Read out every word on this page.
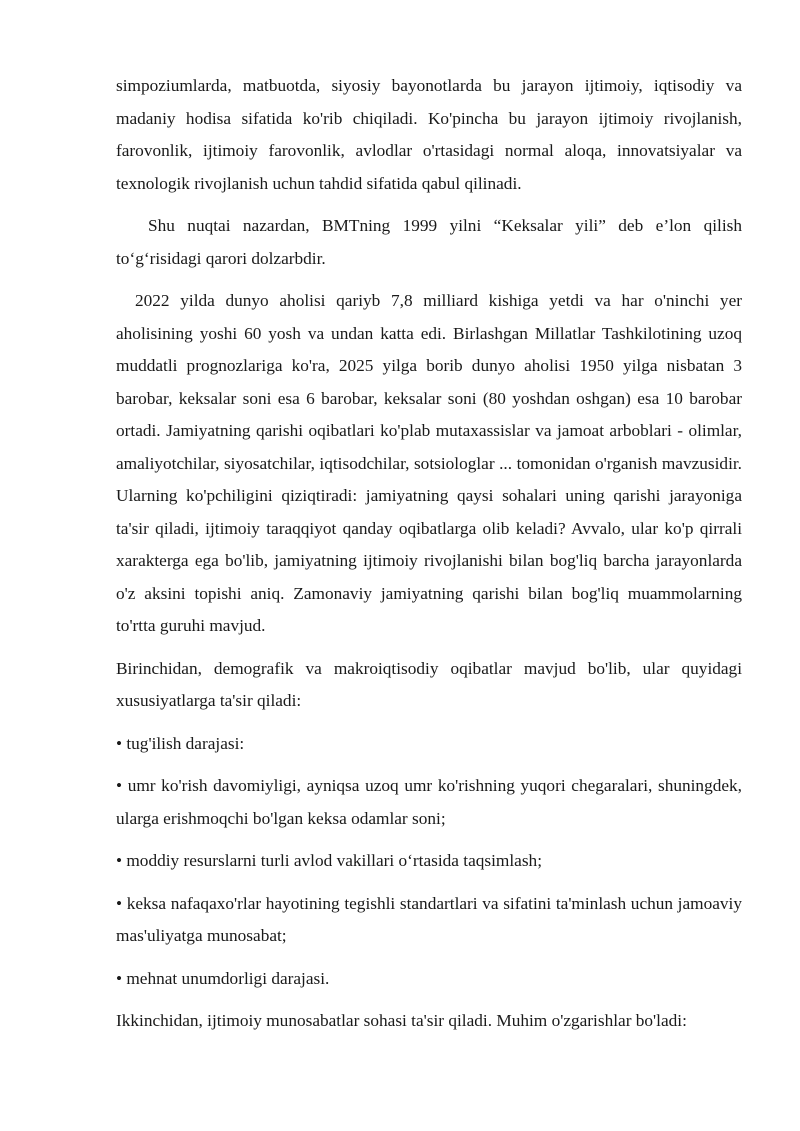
simpoziumlarda, matbuotda, siyosiy bayonotlarda bu jarayon ijtimoiy, iqtisodiy va madaniy hodisa sifatida ko'rib chiqiladi. Ko'pincha bu jarayon ijtimoiy rivojlanish, farovonlik, ijtimoiy farovonlik, avlodlar o'rtasidagi normal aloqa, innovatsiyalar va texnologik rivojlanish uchun tahdid sifatida qabul qilinadi.

Shu nuqtai nazardan, BMTning 1999 yilni “Keksalar yili” deb e’lon qilish to‘g‘risidagi qarori dolzarbdir.

2022 yilda dunyo aholisi qariyb 7,8 milliard kishiga yetdi va har o'ninchi yer aholisining yoshi 60 yosh va undan katta edi. Birlashgan Millatlar Tashkilotining uzoq muddatli prognozlariga ko'ra, 2025 yilga borib dunyo aholisi 1950 yilga nisbatan 3 barobar, keksalar soni esa 6 barobar, keksalar soni (80 yoshdan oshgan) esa 10 barobar ortadi. Jamiyatning qarishi oqibatlari ko'plab mutaxassislar va jamoat arboblari - olimlar, amaliyotchilar, siyosatchilar, iqtisodchilar, sotsiologlar ... tomonidan o'rganish mavzusidir. Ularning ko'pchiligini qiziqtiradi: jamiyatning qaysi sohalari uning qarishi jarayoniga ta'sir qiladi, ijtimoiy taraqqiyot qanday oqibatlarga olib keladi? Avvalo, ular ko'p qirrali xarakterga ega bo'lib, jamiyatning ijtimoiy rivojlanishi bilan bog'liq barcha jarayonlarda o'z aksini topishi aniq. Zamonaviy jamiyatning qarishi bilan bog'liq muammolarning to'rtta guruhi mavjud.

Birinchidan, demografik va makroiqtisodiy oqibatlar mavjud bo'lib, ular quyidagi xususiyatlarga ta'sir qiladi:

• tug'ilish darajasi:

• umr ko'rish davomiyligi, ayniqsa uzoq umr ko'rishning yuqori chegaralari, shuningdek, ularga erishmoqchi bo'lgan keksa odamlar soni;

• moddiy resurslarni turli avlod vakillari o‘rtasida taqsimlash;

• keksa nafaqaxo'rlar hayotining tegishli standartlari va sifatini ta'minlash uchun jamoaviy mas'uliyatga munosabat;

• mehnat unumdorligi darajasi.

Ikkinchidan, ijtimoiy munosabatlar sohasi ta'sir qiladi. Muhim o'zgarishlar bo'ladi:
